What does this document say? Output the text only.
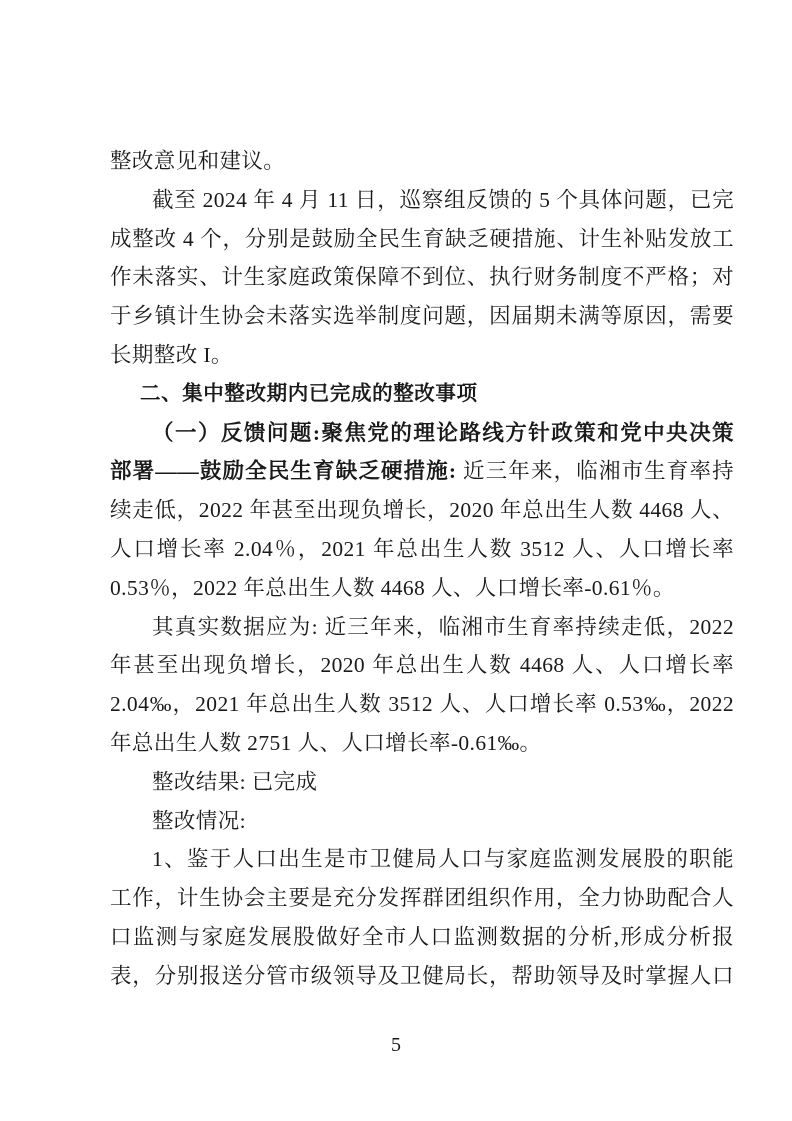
整改意见和建议。
截至 2024 年 4 月 11 日，巡察组反馈的 5 个具体问题，已完
成整改 4 个，分别是鼓励全民生育缺乏硬措施、计生补贴发放工
作未落实、计生家庭政策保障不到位、执行财务制度不严格；对
于乡镇计生协会未落实选举制度问题，因届期未满等原因，需要
长期整改 I。
二、集中整改期内已完成的整改事项
（一）反馈问题:聚焦党的理论路线方针政策和党中央决策
部署——鼓励全民生育缺乏硬措施: 近三年来，临湘市生育率持
续走低，2022 年甚至出现负增长，2020 年总出生人数 4468 人、
人口增长率 2.04％，2021 年总出生人数 3512 人、人口增长率
0.53％，2022 年总出生人数 4468 人、人口增长率-0.61％。
其真实数据应为: 近三年来，临湘市生育率持续走低，2022
年甚至出现负增长，2020 年总出生人数 4468 人、人口增长率
2.04‰，2021 年总出生人数 3512 人、人口增长率 0.53‰，2022
年总出生人数 2751 人、人口增长率-0.61‰。
整改结果: 已完成
整改情况:
1、鉴于人口出生是市卫健局人口与家庭监测发展股的职能
工作，计生协会主要是充分发挥群团组织作用，全力协助配合人
口监测与家庭发展股做好全市人口监测数据的分析,形成分析报
表，分别报送分管市级领导及卫健局长，帮助领导及时掌握人口
5
